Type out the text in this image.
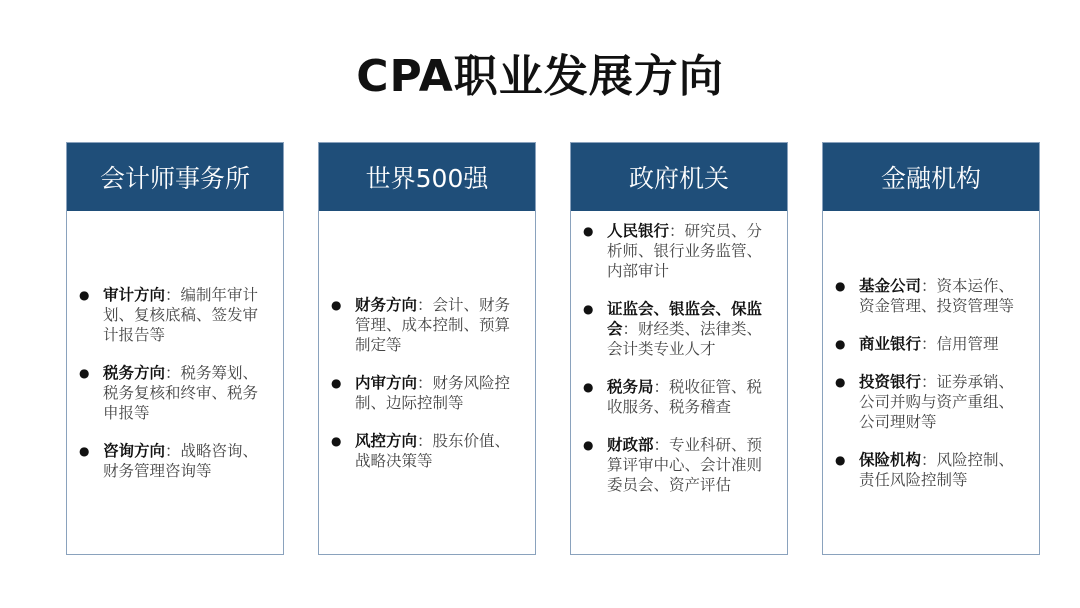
CPA职业发展方向
会计师事务所
● 审计方向：编制年审计划、复核底稿、签发审计报告等
● 税务方向：税务筹划、税务复核和终审、税务申报等
● 咨询方向：战略咨询、财务管理咨询等
世界500强
● 财务方向：会计、财务管理、成本控制、预算制定等
● 内审方向：财务风险控制、边际控制等
● 风控方向：股东价值、战略决策等
政府机关
● 人民银行：研究员、分析师、银行业务监管、内部审计
● 证监会、银监会、保监会：财经类、法律类、会计类专业人才
● 税务局：税收征管、税收服务、税务稽查
● 财政部：专业科研、预算评审中心、会计准则委员会、资产评估
金融机构
● 基金公司：资本运作、资金管理、投资管理等
● 商业银行：信用管理
● 投资银行：证券承销、公司并购与资产重组、公司理财等
● 保险机构：风险控制、责任风险控制等
